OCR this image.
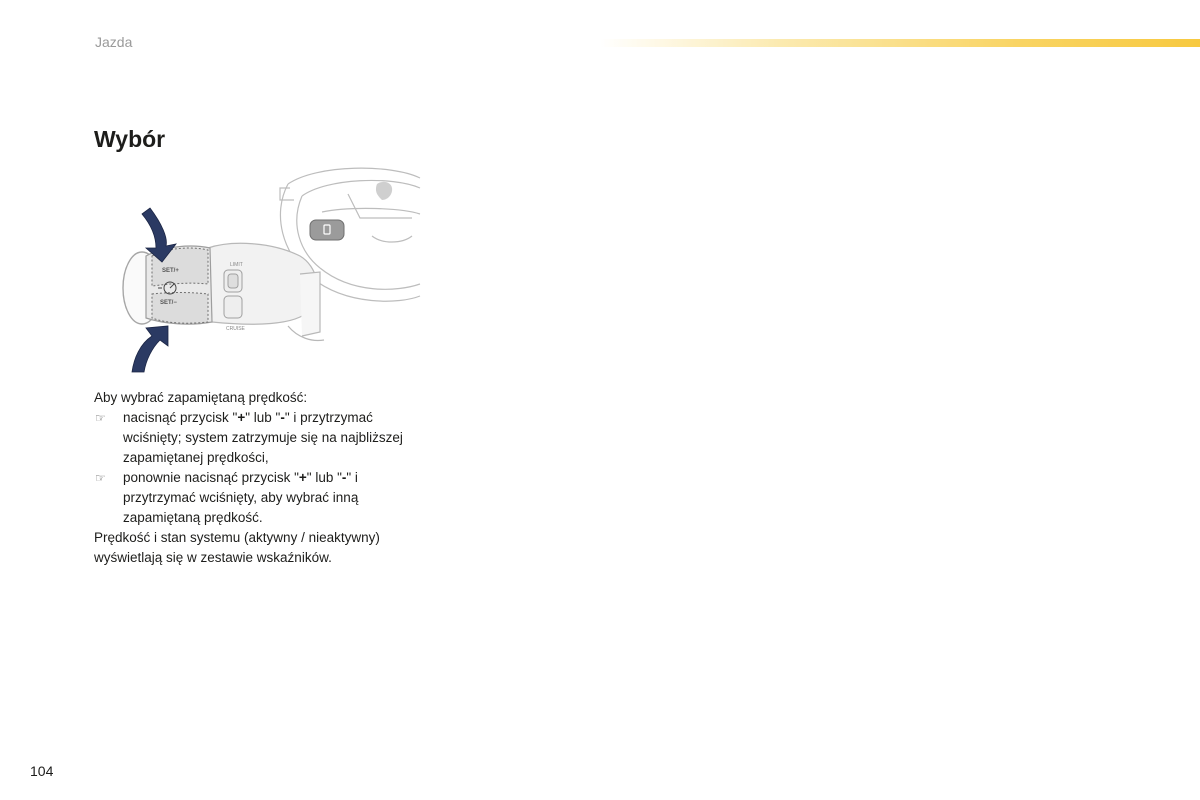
Jazda
Wybór
SET/+
SET/−
LIMIT
CRUISE

Aby wybrać zapamiętaną prędkość:

☞ nacisnąć przycisk "+" lub "-" i przytrzymać wciśnięty; system zatrzymuje się na najbliższej zapamiętanej prędkości,

☞ ponownie nacisnąć przycisk "+" lub "-" i przytrzymać wciśnięty, aby wybrać inną zapamiętaną prędkość.

Prędkość i stan systemu (aktywny / nieaktywny) wyświetlają się w zestawie wskaźników.

104
